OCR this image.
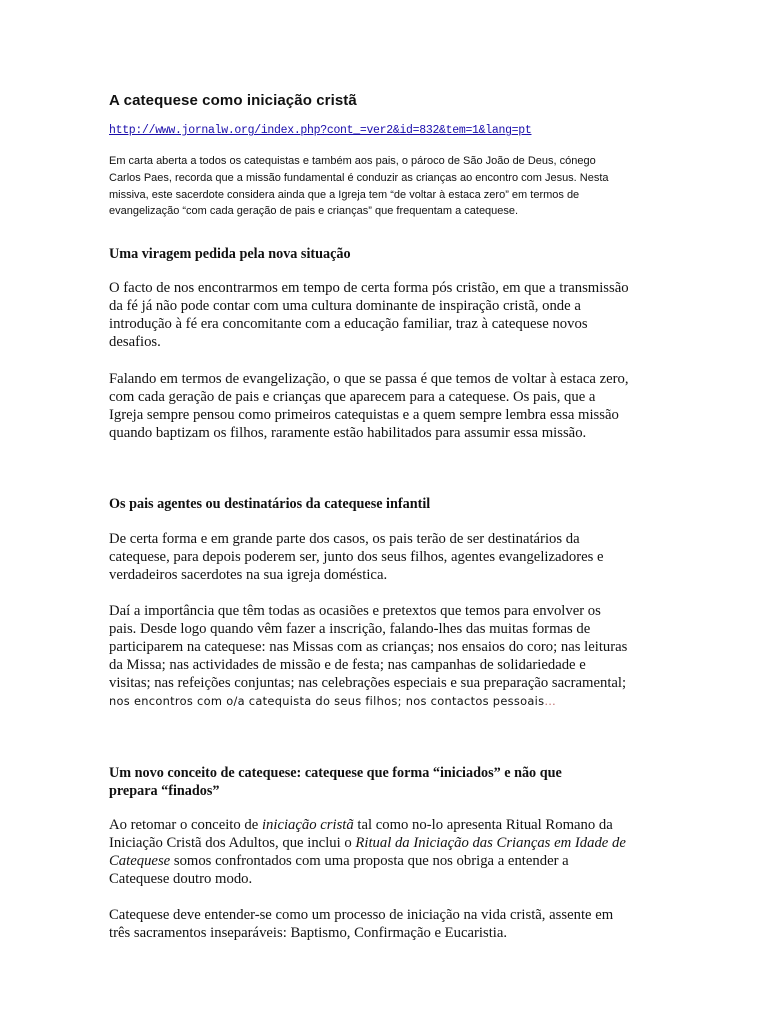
A catequese como iniciação cristã
http://www.jornalw.org/index.php?cont_=ver2&id=832&tem=1&lang=pt
Em carta aberta a todos os catequistas e também aos pais, o pároco de São João de Deus, cónego
Carlos Paes, recorda que a missão fundamental é conduzir as crianças ao encontro com Jesus. Nesta
missiva, este sacerdote considera ainda que a Igreja tem “de voltar à estaca zero” em termos de
evangelização “com cada geração de pais e crianças” que frequentam a catequese.
Uma viragem pedida pela nova situação
O facto de nos encontrarmos em tempo de certa forma pós cristão, em que a transmissão
da fé já não pode contar com uma cultura dominante de inspiração cristã, onde a
introdução à fé era concomitante com a educação familiar, traz à catequese novos
desafios.
Falando em termos de evangelização, o que se passa é que temos de voltar à estaca zero,
com cada geração de pais e crianças que aparecem para a catequese. Os pais, que a
Igreja sempre pensou como primeiros catequistas e a quem sempre lembra essa missão
quando baptizam os filhos, raramente estão habilitados para assumir essa missão.
Os pais agentes ou destinatários da catequese infantil
De certa forma e em grande parte dos casos, os pais terão de ser destinatários da
catequese, para depois poderem ser, junto dos seus filhos, agentes evangelizadores e
verdadeiros sacerdotes na sua igreja doméstica.
Daí a importância que têm todas as ocasiões e pretextos que temos para envolver os
pais. Desde logo quando vêm fazer a inscrição, falando-lhes das muitas formas de
participarem na catequese: nas Missas com as crianças; nos ensaios do coro; nas leituras
da Missa; nas actividades de missão e de festa; nas campanhas de solidariedade e
visitas; nas refeições conjuntas; nas celebrações especiais e sua preparação sacramental;
nos encontros com o/a catequista do seus filhos; nos contactos pessoais…
Um novo conceito de catequese: catequese que forma “iniciados” e não que
prepara “finados”
Ao retomar o conceito de iniciação cristã tal como no-lo apresenta Ritual Romano da
Iniciação Cristã dos Adultos, que inclui o Ritual da Iniciação das Crianças em Idade de
Catequese somos confrontados com uma proposta que nos obriga a entender a
Catequese doutro modo.
Catequese deve entender-se como um processo de iniciação na vida cristã, assente em
três sacramentos inseparáveis: Baptismo, Confirmação e Eucaristia.
